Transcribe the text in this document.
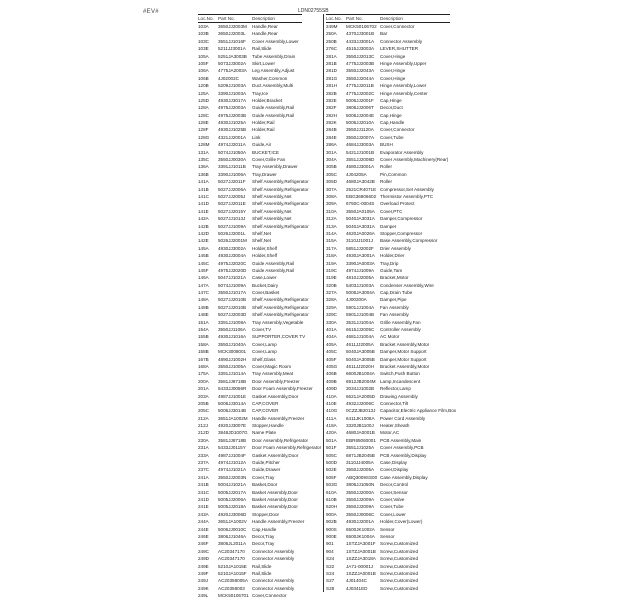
#EV#	LDN02755SB
Loc.No. Part No.	Description
103A	3650JJ2003M	Handle,Rear
103B	3650JJ2003L	Handle,Rear
103C	3551JJ1016F	Cover Assembly,Lower
103E	5211JJ3001A	Rail,Slide
105A	5251JA3003B	Tube Assembly,Drain
105F	5073JJ3002A	Skirt,Lower
106A	4775JA2003A	Leg Assembly,Adjust
106B	4J02002C	Washer,Common
120B	5209JJ1003A	Duct Assembly,Multi
125A	3390JJ1003A	Tray,Ice
125D	4930JJ3017A	Holder,Bracket
128A	4975JJ2003A	Guide Assembly,Rail
128C	4975JJ2003B	Guide Assembly,Rail
128E	4930JJ1025A	Holder,Rail
128F	4930JJ1025B	Holder,Rail
128G	4321JJ2001A	Link
128M	4974JJ2011A	Guide,Air
131A	5074JJ1050A	BUCKET,ICE
135C	3550JJ0030A	Cover,Grille Fan
136A	3391JJ1011B	Tray Assembly,Drawer
136B	3390JJ1006A	Tray,Drawer
141A	5027JJ2011F	Shelf Assembly,Refrigerator
141B	5027JJ2006A	Shelf Assembly,Refrigerator
141C	5027JJ2005J	Shelf Assembly,Net
141D	5027JJ2011E	Shelf Assembly,Refrigerator
141E	5027JJ2015Y	Shelf Assembly,Net
142A	5027JJ1013J	Shelf Assembly,Net
142B	5027JJ1009A	Shelf Assembly,Refrigerator
142D	5026JJ2001L	Shelf,Net
142E	5026JJ2001M	Shelf,Net
145A	4930JJ3002A	Holder,Shelf
145B	4930JJ3004A	Holder,Shelf
145C	4975JJ2020C	Guide Assembly,Rail
145F	4975JJ2020D	Guide Assembly,Rail
146A	5047JJ1021A	Case,Lower
147A	5074JJ1009A	Bucket,Dairy
147C	3550JJ1017A	Cover,Basket
148A	5027JJ2010B	Shelf Assembly,Refrigerator
148B	5027JJ2010B	Shelf Assembly,Refrigerator
148E	5027JJ2003D	Shelf Assembly,Refrigerator
151A	3391JJ1008A	Tray Assembly,Vegetable
154A	3550JJ1106A	Cover,TV
155B	4930JJ1016A	SUPPORTER,COVER TV
158A	3550JJ1040A	Cover,Lamp
158B	MCK3008001	Cover,Lamp
167B	4890JJ1002H	Shelf,Glass
168A	3550JJ1005A	Cover,Magic Room
175A	3391JJ1014A	Tray Assembly,Meat
200A	3581JJ8718B	Door Assembly,Freezer
201A	5433JJ0056R	Door Foam Assembly,Freezer
203A	4987JJ1001E	Gasket Assembly,Door
205B	5006JJ3014A	CAP,COVER
205C	5006JJ3014B	CAP,COVER
212A	3651JA1002M Handle Assembly,Freezer
212J	4920JJ3007E	Stopper,Handle
212D	3848JD1007G Name Plate
230A	3581JJ8718B	Door Assembly,Refrigerator
231A	5433JJ0115Y	Door Foam Assembly,Refrigerator
233A	4987JJ1004F	Gasket Assembly,Door
237A	4974JJ1012A	Guide,Pitcher
237C	4974JJ1021A	Guide,Drawer
241A	3550JJ2003N	Cover,Tray
241B	5004JJ1021A	Basket,Door
241C	5005JJ2017A	Basket Assembly,Door
241D	5005JJ2006A	Basket Assembly,Door
241E	5005JJ2018A	Basket Assembly,Door
243A	4920JJ3006D	Stopper,Door
244A	3651JA1002V	Handle Assembly,Freezer
244E	5006JJ0010C	Cap,Handle
246E	3806JJ1046A	Decor,Tray
246F	3806JL2011A	Decor,Tray
249C	AC20347170	Connector Assembly
249D	AC20347170	Connector Assembly
249E	5210JA1015E	Rail,Slide
249F	5210JA1015F	Rail,Slide
249J	AC20358005A Connector Assembly
249K	AC20358003	Connector Assembly
249L	MCK50106701 Cover,Connector
Loc.No. Part No.	Description
249M	MCK50106702 Cover,Connector
250A	4370JJ3001B	Bar
250B	4433JJ3001A	Connector Assembly
276C	4515JJ3003A	LEVER,SHUTTER
281A	3550JJ2013C	Cover,Hinge
281B	4775JJ2003B	Hinge Assembly,Upper
281D	3550JJ2043A	Cover,Hinge
281G	3550JJ2044A	Cover,Hinge
281H	4775JJ2011B	Hinge Assembly,Lower
282B	4775JJ2002C	Hinge Assembly,Center
282E	5006JJ2001F	Cap,Hinge
282F	3806JJ2006T	Decor,Duct
282H	5006JJ2004E	Cap,Hinge
282K	5006JJ2010A	Cap,Handle
284B	3550JJ1120A	Cover,Connector
284E	3550JJ2007A	Cover,Tube
286A	4684JJ3003A	BUSH
301A	5421JJ1001B	Evaporator Assembly
304A	3551JJ2008D	Cover Assembly,Machinery(Rear)
305B	4580JJ3001A	Roller
305C	4J04205A	Pin,Common
305D	4680JA3042B	Roller
307A	2521CR4071E Compressor,Set Assembly
308A	EBG36906602 Thermistor Assembly,PTC
309A	6750C-0004S	Overload Protect
310A	3550JA0105A	Cover,PTC
312A	5040JA3031A	Damper,Compressor
313A	5040JA3031A	Damper
314A	4620JA0026A	Stopper,Compressor
315A	3110JJ1001J	Base Assembly,Compressor
317A	5851JJ2002F	Drier Assembly
318A	4930JA3001A	Holder,Drier
319A	3390JA0003A	Tray,Drip
319C	4974JJ1009A	Guide,Tam
319E	4810JJ2005A	Bracket,Motor
320B	5403JJ1003A	Condenser Assembly,Wire
327A	5006JA3004A	Cap,Drain Tube
328A	4J00200A	Damper,Pipe
329A	5901JJ1004A	Fan Assembly
329C	5901JJ1004B	Fan Assembly
330A	3531JJ1004A	Grille Assembly,Fan
401A	6615JJ2005C	Controller Assembly
404A	4681JJ1004A	AC Motor
405A	4611JJ2005A	Bracket Assembly,Motor
405C	5040JA3005B	Damper,Motor Support
405F	5040JA3005B	Damper,Motor Support
405G	4611JJ2020H	Bracket Assembly,Motor
406B	6600JB1004A	Switch,Push Button
409B	6912JB2004M Lamp,Incandescent
409D	3034JJ1002B	Reflector,Lamp
410A	6621JA2005D	Drawing Assembly
410E	4932JJ2006C	Connector,Tilt
410G	0CZZJB2013J	Capacitor,Electric Appliance Film,Box
411A	6411JK1008A	Power Cord Assembly
418A	3320JB1100J	Heater,Sheath
420A	4680JA0001B	Motor,AC
501A	EBR65060001 PCB Assembly,Main
501F	3551JJ1025A	Cover Assembly,PCB
505C	6871JB2045B	PCB Assembly,Display
500D	3110JJ4005A	Case,Display
502E	3550JJ2005A	Cover,Display
505F	ABQ3009SS00 Case Assembly,Display
503G	3806JJ1050N	Decor,Control
610A	3550JJ2000A	Cover,Sensor
610B	3550JJ2009A	Cover,Valve
620H	3550JJ2009A	Cover,Tube
900A	3550JJ0006C	Cover,Lower
902B	4930JJ2001A	Holder,Cover(Lower)
900S	6500JK1002A	Sensor
900E	6500JK1004A	Sensor
901	1STZJA3001F Screw,Customized
904	1STZJA0001B Screw,Customized
S24	1SZZJA3018A Screw,Customized
S22	JA71-00001J	Screw,Customized
S24	1SZZJA0001B Screw,Customized
S27	4J01404C	Screw,Customized
S28	4J0341ED	Screw,Customized
